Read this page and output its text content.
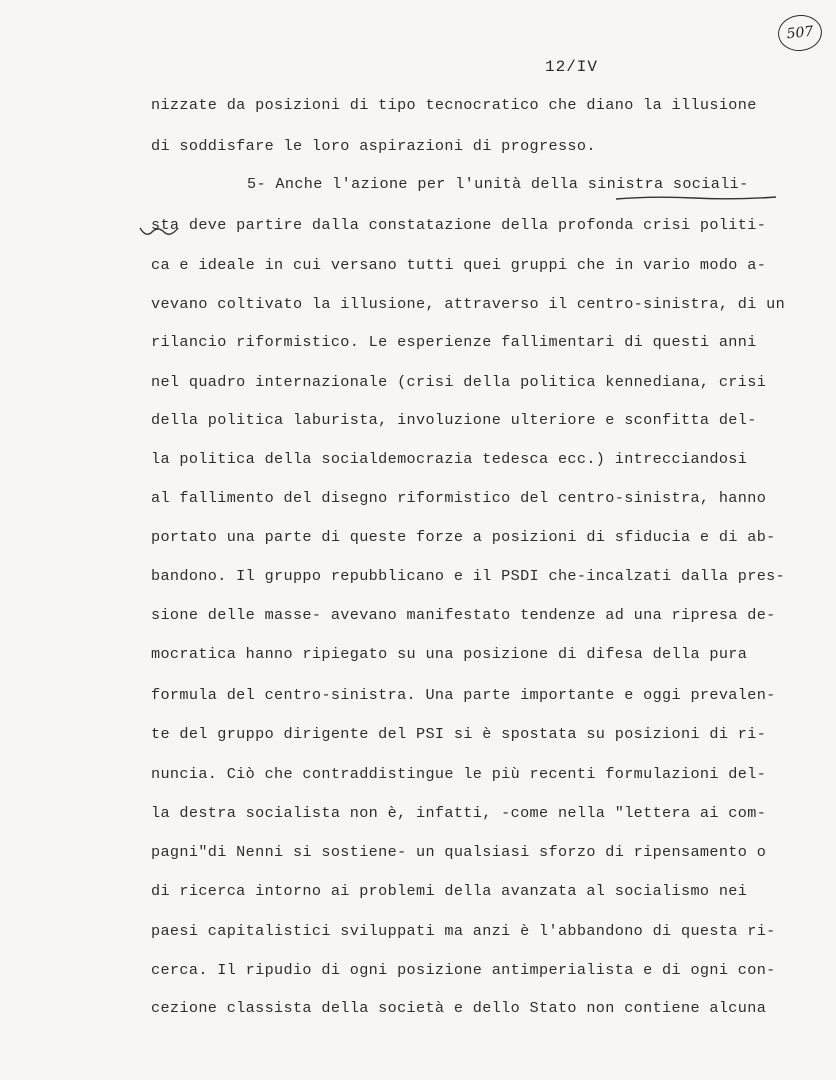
507
12/IV
nizzate da posizioni di tipo tecnocratico che diano la illusione
di soddisfare le loro aspirazioni di progresso.
5- Anche l'azione per l'unità della sinistra sociali-
sta deve partire dalla constatazione della profonda crisi politi-
ca e ideale in cui versano tutti quei gruppi che in vario modo a-
vevano coltivato la illusione, attraverso il centro-sinistra, di un
rilancio riformistico. Le esperienze fallimentari di questi anni
nel quadro internazionale (crisi della politica kennediana, crisi
della politica laburista, involuzione ulteriore e sconfitta del-
la politica della socialdemocrazia tedesca ecc.) intrecciandosi
al fallimento del disegno riformistico del centro-sinistra, hanno
portato una parte di queste forze a posizioni di sfiducia e di ab-
bandono. Il gruppo repubblicano e il PSDI che-incalzati dalla pres-
sione delle masse- avevano manifestato tendenze ad una ripresa de-
mocratica hanno ripiegato su una posizione di difesa della pura
formula del centro-sinistra. Una parte importante e oggi prevalen-
te del gruppo dirigente del PSI si è spostata su posizioni di ri-
nuncia. Ciò che contraddistingue le più recenti formulazioni del-
la destra socialista non è, infatti, -come nella "lettera ai com-
pagni"di Nenni si sostiene- un qualsiasi sforzo di ripensamento o
di ricerca intorno ai problemi della avanzata al socialismo nei
paesi capitalistici sviluppati ma anzi è l'abbandono di questa ri-
cerca. Il ripudio di ogni posizione antimperialista e di ogni con-
cezione classista della società e dello Stato non contiene alcuna
